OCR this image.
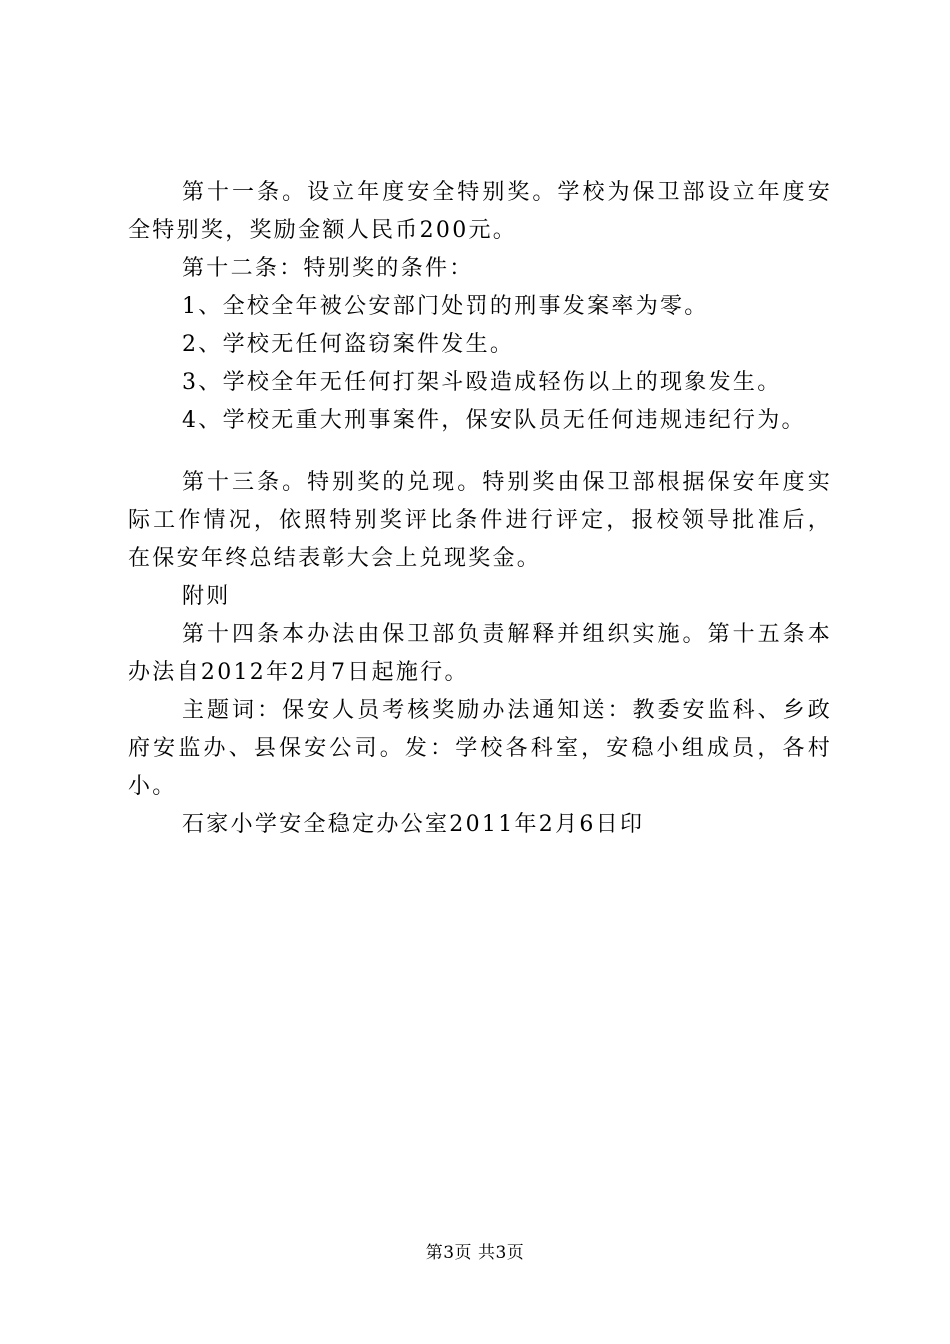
第十一条。设立年度安全特别奖。学校为保卫部设立年度安全特别奖，奖励金额人民币200元。

第十二条：特别奖的条件：

1、全校全年被公安部门处罚的刑事发案率为零。

2、学校无任何盗窃案件发生。

3、学校全年无任何打架斗殴造成轻伤以上的现象发生。

4、学校无重大刑事案件，保安队员无任何违规违纪行为。

第十三条。特别奖的兑现。特别奖由保卫部根据保安年度实际工作情况，依照特别奖评比条件进行评定，报校领导批准后，在保安年终总结表彰大会上兑现奖金。

附则

第十四条本办法由保卫部负责解释并组织实施。第十五条本办法自2012年2月7日起施行。

主题词：保安人员考核奖励办法通知送：教委安监科、乡政府安监办、县保安公司。发：学校各科室，安稳小组成员，各村小。

石家小学安全稳定办公室2011年2月6日印

第3页 共3页
